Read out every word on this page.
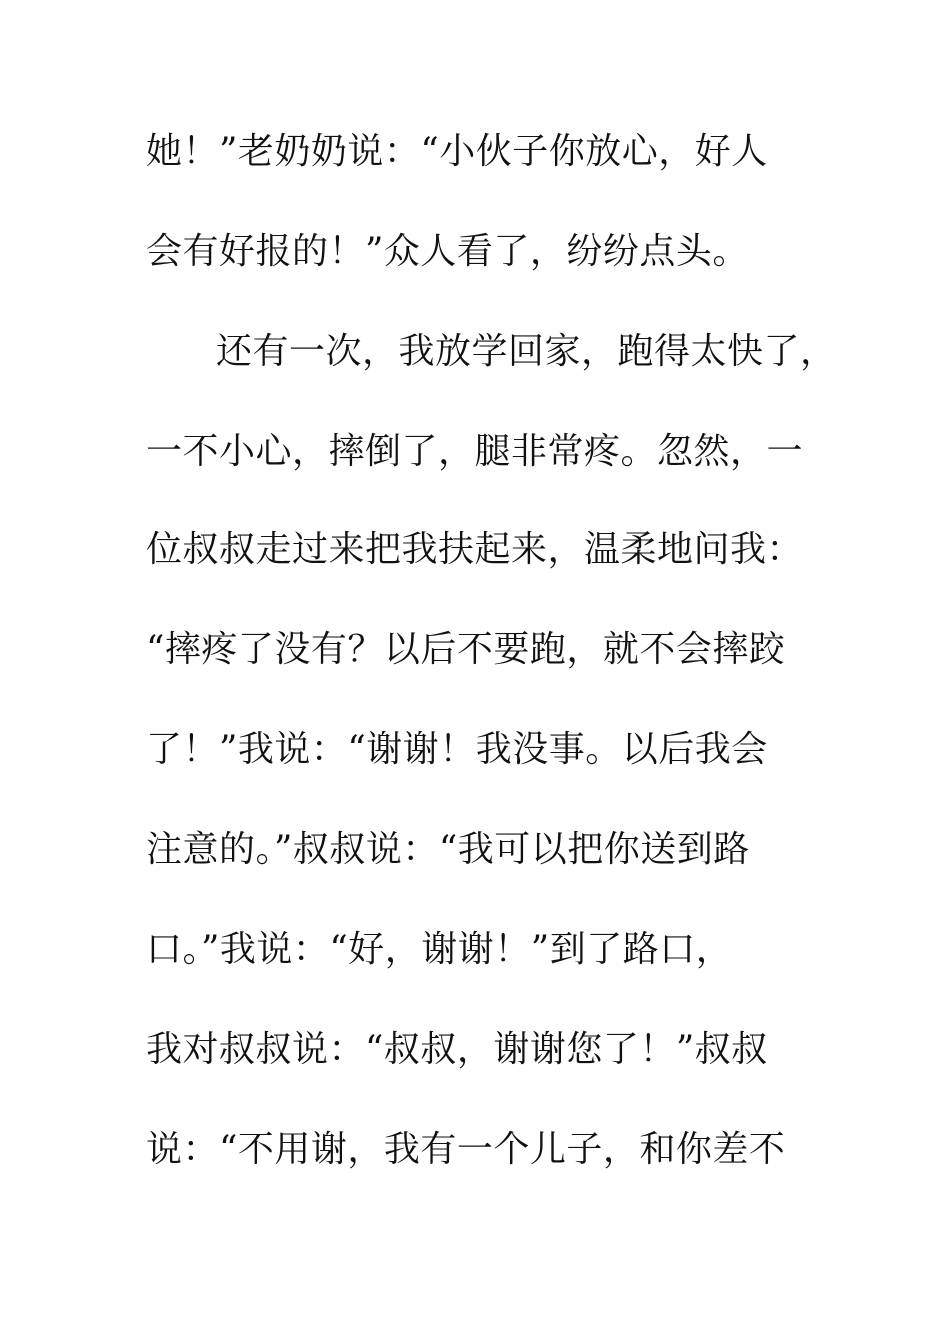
她！”老奶奶说：“小伙子你放心，好人
会有好报的！”众人看了，纷纷点头。
还有一次，我放学回家，跑得太快了，
一不小心，摔倒了，腿非常疼。忽然，一
位叔叔走过来把我扶起来，温柔地问我：
“摔疼了没有？以后不要跑，就不会摔跤
了！”我说：“谢谢！我没事。以后我会
注意的。”叔叔说：“我可以把你送到路
口。”我说：“好，谢谢！”到了路口，
我对叔叔说：“叔叔，谢谢您了！”叔叔
说：“不用谢，我有一个儿子，和你差不
